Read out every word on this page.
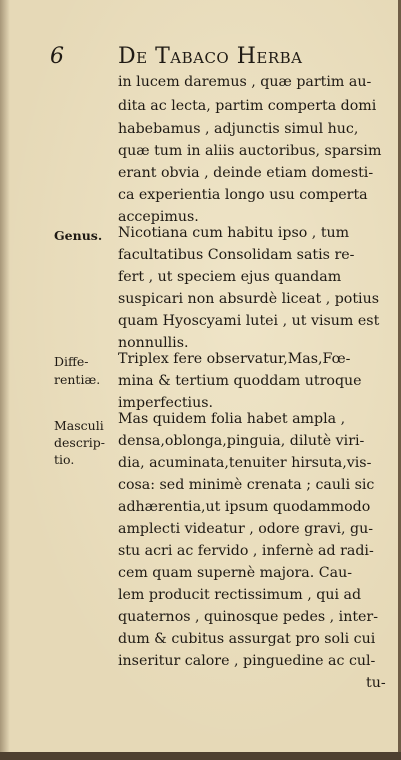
6 De Tabaco Herba
in lucem daremus , quæ partim au-
dita ac lecta, partim comperta domi
habebamus , adjunctis simul huc,
quæ tum in aliis auctoribus, sparsim
erant obvia , deinde etiam domesti-
ca experientia longo usu comperta
accepimus.
Nicotiana cum habitu ipso , tum
facultatibus Consolidam satis re-
fert , ut speciem ejus quandam
suspicari non absurdè liceat , potius
quam Hyoscyami lutei , ut visum est
nonnullis.
Triplex fere observatur,Mas,Fœ-
mina & tertium quoddam utroque
imperfectius.
Mas quidem folia habet ampla ,
densa,oblonga,pinguia, dilutè viri-
dia, acuminata,tenuiter hirsuta,vis-
cosa: sed minimè crenata ; cauli sic
adhærentia,ut ipsum quodammodo
amplecti videatur , odore gravi, gu-
stu acri ac fervido , infernè ad radi-
cem quam supernè majora. Cau-
lem producit rectissimum , qui ad
quaternos , quinosque pedes , inter-
dum & cubitus assurgat pro soli cui
inseritur calore , pinguedine ac cul-
tu-
Genus.
Diffe-
rentiæ.
Masculi
descrip-
tio.
